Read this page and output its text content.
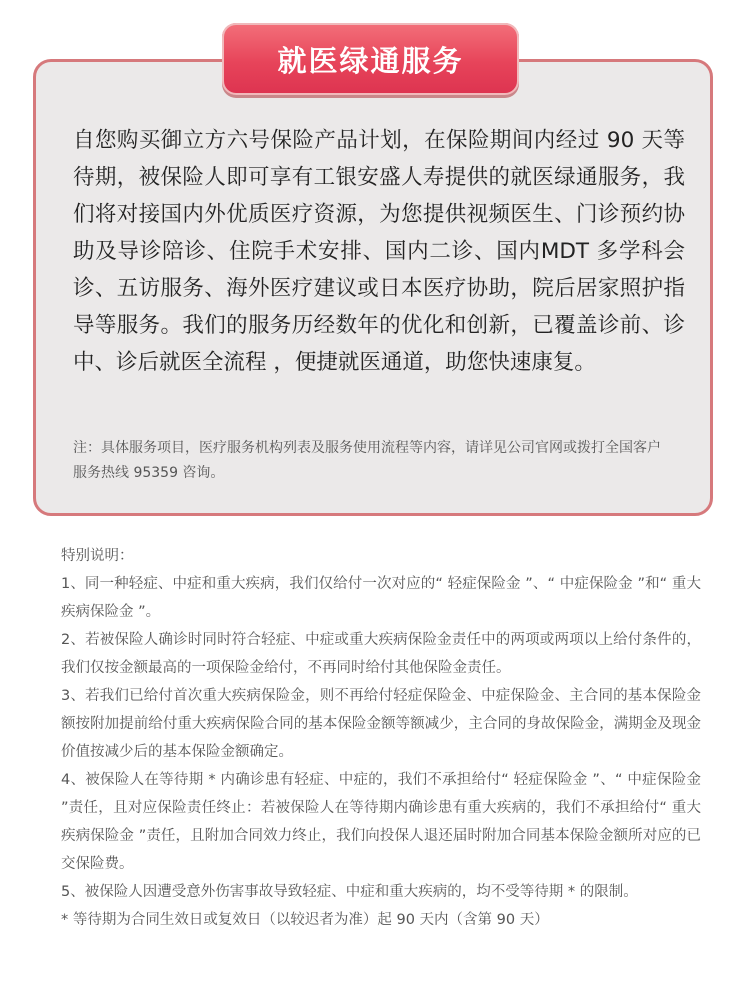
就医绿通服务

自您购买御立方六号保险产品计划，在保险期间内经过 90 天等待期，被保险人即可享有工银安盛人寿提供的就医绿通服务，我们将对接国内外优质医疗资源，为您提供视频医生、门诊预约协助及导诊陪诊、住院手术安排、国内二诊、国内MDT 多学科会诊、五访服务、海外医疗建议或日本医疗协助，院后居家照护指导等服务。我们的服务历经数年的优化和创新，已覆盖诊前、诊中、诊后就医全流程 ，便捷就医通道，助您快速康复。

注：具体服务项目，医疗服务机构列表及服务使用流程等内容，请详见公司官网或拨打全国客户服务热线 95359 咨询。

特别说明：

1、同一种轻症、中症和重大疾病，我们仅给付一次对应的“ 轻症保险金 ”、“ 中症保险金 ”和“ 重大疾病保险金 ”。

2、若被保险人确诊时同时符合轻症、中症或重大疾病保险金责任中的两项或两项以上给付条件的，我们仅按金额最高的一项保险金给付，不再同时给付其他保险金责任。

3、若我们已给付首次重大疾病保险金，则不再给付轻症保险金、中症保险金、主合同的基本保险金额按附加提前给付重大疾病保险合同的基本保险金额等额减少，主合同的身故保险金，满期金及现金价值按减少后的基本保险金额确定。

4、被保险人在等待期 * 内确诊患有轻症、中症的，我们不承担给付“ 轻症保险金 ”、“ 中症保险金 ”责任，且对应保险责任终止：若被保险人在等待期内确诊患有重大疾病的，我们不承担给付“ 重大疾病保险金 ”责任，且附加合同效力终止，我们向投保人退还届时附加合同基本保险金额所对应的已交保险费。

5、被保险人因遭受意外伤害事故导致轻症、中症和重大疾病的，均不受等待期 * 的限制。

* 等待期为合同生效日或复效日（以较迟者为准）起 90 天内（含第 90 天）
